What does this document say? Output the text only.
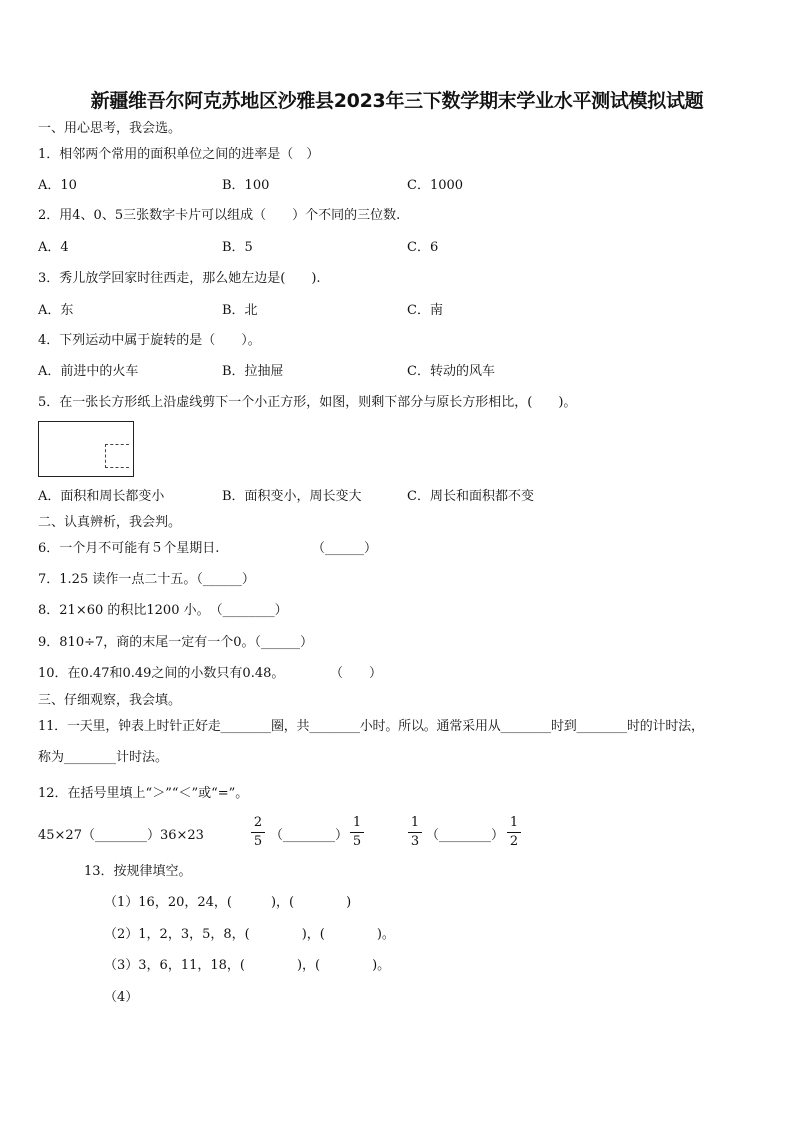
新疆维吾尔阿克苏地区沙雅县2023年三下数学期末学业水平测试模拟试题
一、用心思考，我会选。
1．相邻两个常用的面积单位之间的进率是（　）
A．10	B．100	C．1000
2．用4、0、5三张数字卡片可以组成（　　）个不同的三位数.
A．4	B．5	C．6
3．秀儿放学回家时往西走，那么她左边是(　　).
A．东	B．北	C．南
4．下列运动中属于旋转的是（　　）。
A．前进中的火车	B．拉抽屉	C．转动的风车
5．在一张长方形纸上沿虚线剪下一个小正方形，如图，则剩下部分与原长方形相比，(　　)。
A．面积和周长都变小	B．面积变小，周长变大	C．周长和面积都不变
二、认真辨析，我会判。
6．一个月不可能有５个星期日.	（______）
7．1.25 读作一点二十五。（______）
8．21×60 的积比1200 小。　（________）
9．810÷7，商的末尾一定有一个0。（______）
10．在0.47和0.49之间的小数只有0.48。	（　　）
三、仔细观察，我会填。
11．一天里，钟表上时针正好走________圈，共________小时。所以。通常采用从________时到________时的计时法，
称为________计时法。
12．在括号里填上“＞”“＜”或“=”。
45×27（________）36×23
2
5 （________）
1
5
1
3 （________）
1
2
13．按规律填空。
（1）16，20，24，(　　　)，(　　　　)
（2）1，2，3，5，8，(　　　　)，(　　　　)。
（3）3，6，11，18，(　　　　)，(　　　　)。
（4）
